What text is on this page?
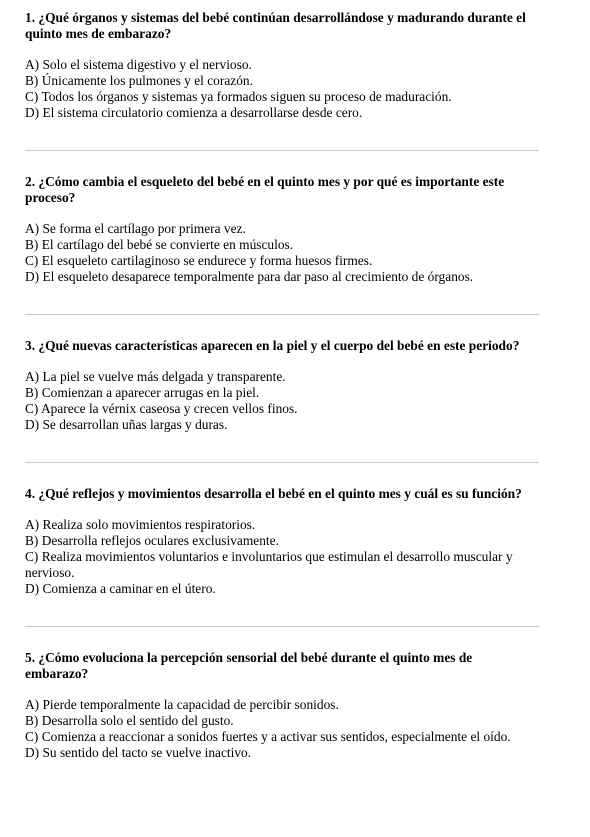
1. ¿Qué órganos y sistemas del bebé continúan desarrollándose y madurando durante el quinto mes de embarazo?
A) Solo el sistema digestivo y el nervioso.
B) Únicamente los pulmones y el corazón.
C) Todos los órganos y sistemas ya formados siguen su proceso de maduración.
D) El sistema circulatorio comienza a desarrollarse desde cero.
2. ¿Cómo cambia el esqueleto del bebé en el quinto mes y por qué es importante este proceso?
A) Se forma el cartílago por primera vez.
B) El cartílago del bebé se convierte en músculos.
C) El esqueleto cartilaginoso se endurece y forma huesos firmes.
D) El esqueleto desaparece temporalmente para dar paso al crecimiento de órganos.
3. ¿Qué nuevas características aparecen en la piel y el cuerpo del bebé en este periodo?
A) La piel se vuelve más delgada y transparente.
B) Comienzan a aparecer arrugas en la piel.
C) Aparece la vérnix caseosa y crecen vellos finos.
D) Se desarrollan uñas largas y duras.
4. ¿Qué reflejos y movimientos desarrolla el bebé en el quinto mes y cuál es su función?
A) Realiza solo movimientos respiratorios.
B) Desarrolla reflejos oculares exclusivamente.
C) Realiza movimientos voluntarios e involuntarios que estimulan el desarrollo muscular y nervioso.
D) Comienza a caminar en el útero.
5. ¿Cómo evoluciona la percepción sensorial del bebé durante el quinto mes de embarazo?
A) Pierde temporalmente la capacidad de percibir sonidos.
B) Desarrolla solo el sentido del gusto.
C) Comienza a reaccionar a sonidos fuertes y a activar sus sentidos, especialmente el oído.
D) Su sentido del tacto se vuelve inactivo.
